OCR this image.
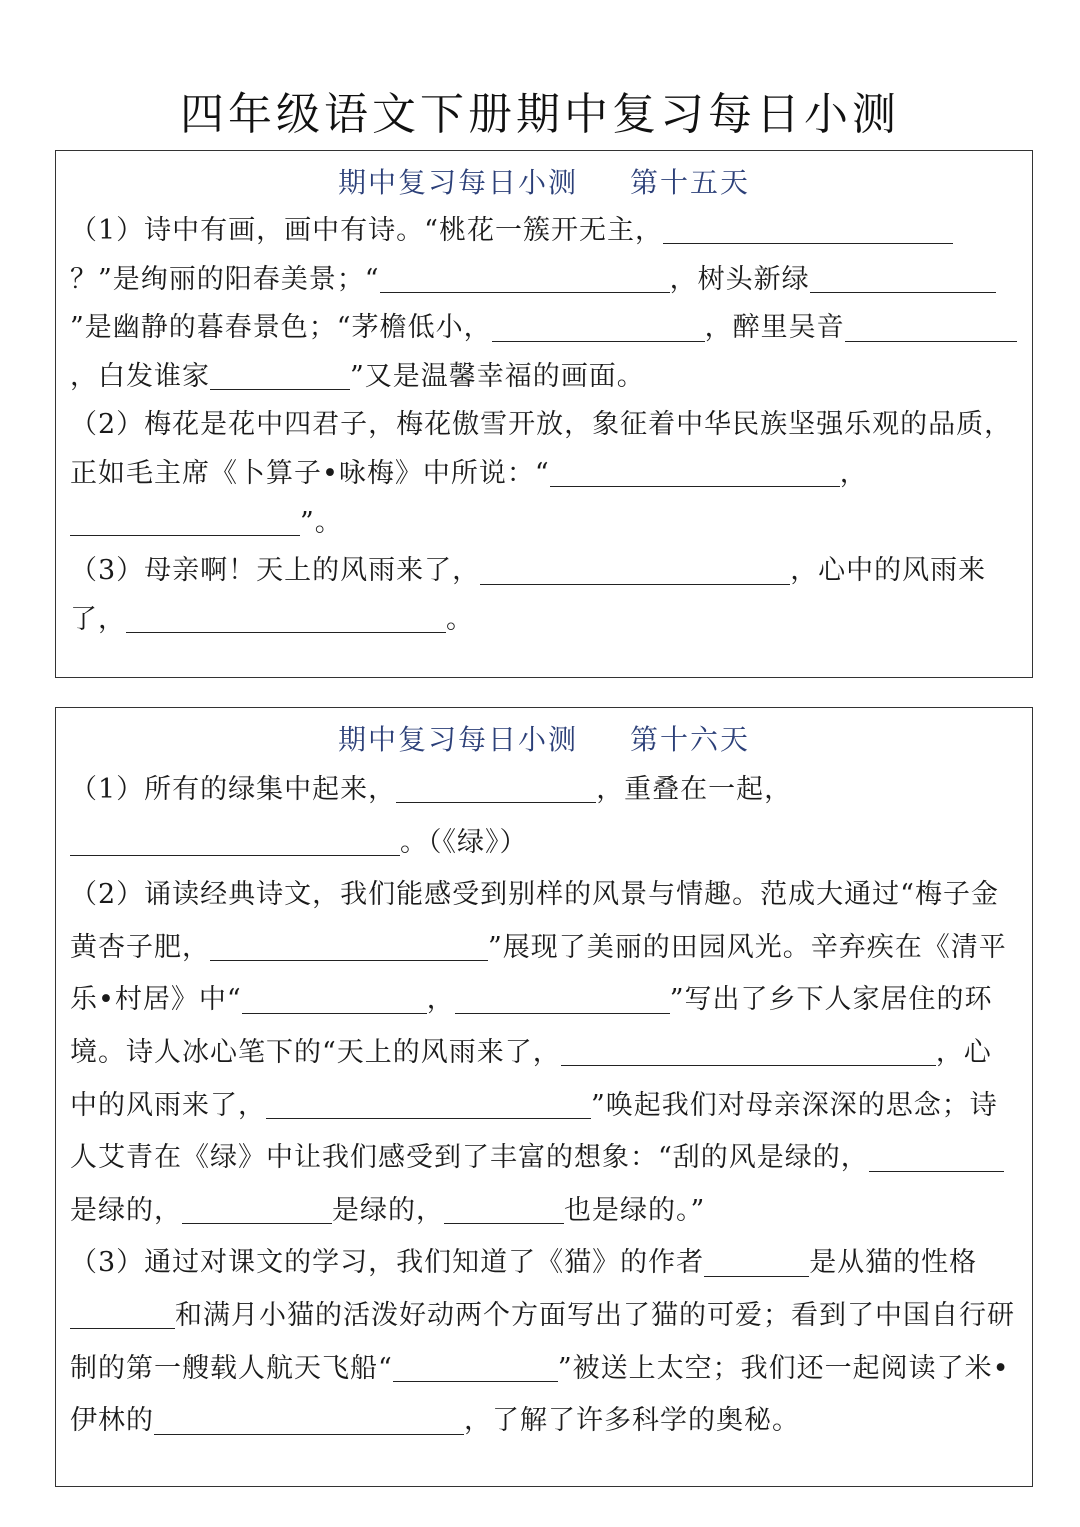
四年级语文下册期中复习每日小测
期中复习每日小测 第十五天
（1）诗中有画，画中有诗。“桃花一簇开无主，？”是绚丽的阳春美景；“	，树头新绿”是幽静的暮春景色；“茅檐低小，	，醉里吴音，白发谁家	”又是温馨幸福的画面。
（2）梅花是花中四君子，梅花傲雪开放，象征着中华民族坚强乐观的品质，正如毛主席《卜算子•咏梅》中所说：“	，”。
（3）母亲啊！天上的风雨来了，	，心中的风雨来了，	。
期中复习每日小测 第十六天
（1）所有的绿集中起来，	，重叠在一起，。（《绿》）
（2）诵读经典诗文，我们能感受到别样的风景与情趣。范成大通过“梅子金黄杏子肥，	”展现了美丽的田园风光。辛弃疾在《清平乐•村居》中“	，	”写出了乡下人家居住的环境。诗人冰心笔下的“天上的风雨来了，	，心中的风雨来了，	”唤起我们对母亲深深的思念；诗人艾青在《绿》中让我们感受到了丰富的想象：“刮的风是绿的，是绿的，	是绿的，	也是绿的。”
（3）通过对课文的学习，我们知道了《猫》的作者	是从猫的性格和满月小猫的活泼好动两个方面写出了猫的可爱；看到了中国自行研制的第一艘载人航天飞船“	”被送上太空；我们还一起阅读了米•伊林的	，了解了许多科学的奥秘。
